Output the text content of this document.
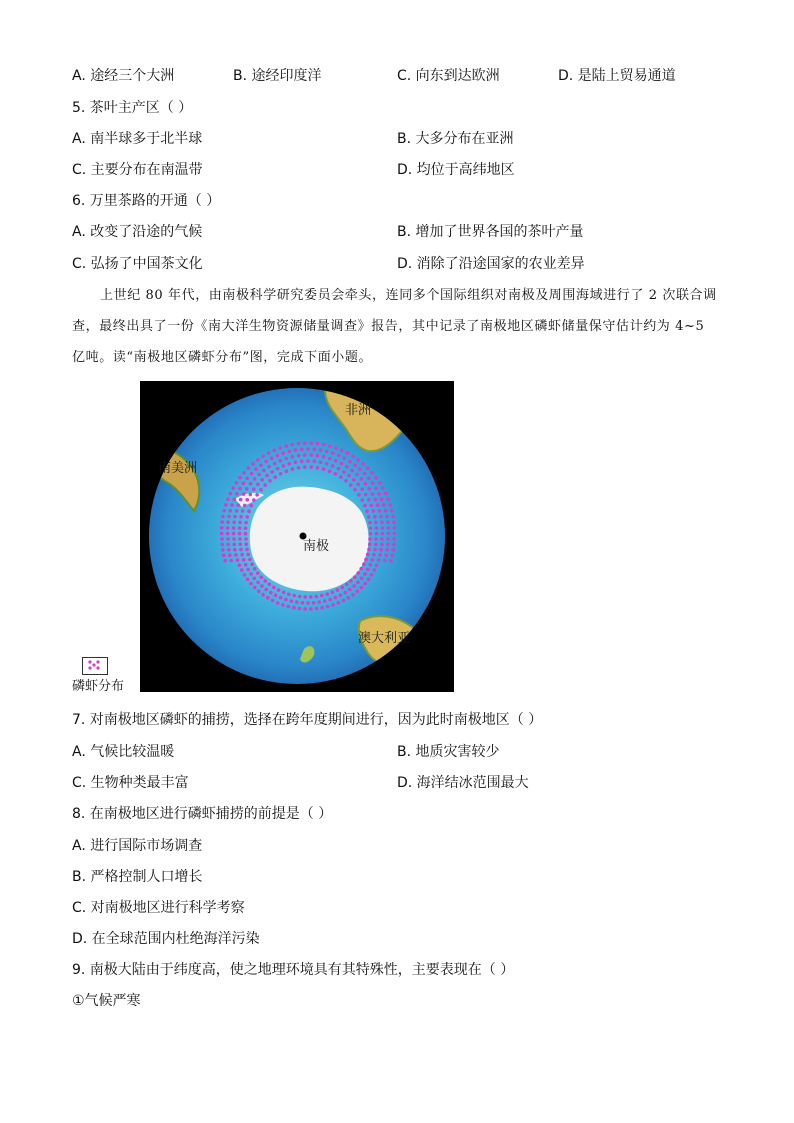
A. 途经三个大洲	B. 途经印度洋	C. 向东到达欧洲	D. 是陆上贸易通道
5. 茶叶主产区（ ）
A. 南半球多于北半球	B. 大多分布在亚洲
C. 主要分布在南温带	D. 均位于高纬地区
6. 万里茶路的开通（ ）
A. 改变了沿途的气候	B. 增加了世界各国的茶叶产量
C. 弘扬了中国茶文化	D. 消除了沿途国家的农业差异
上世纪 80 年代，由南极科学研究委员会牵头，连同多个国际组织对南极及周围海域进行了 2 次联合调查，最终出具了一份《南大洋生物资源储量调查》报告，其中记录了南极地区磷虾储量保守估计约为 4~5 亿吨。读“南极地区磷虾分布”图，完成下面小题。
非洲
南美洲
南极
澳大利亚
磷虾分布
7. 对南极地区磷虾的捕捞，选择在跨年度期间进行，因为此时南极地区（ ）
A. 气候比较温暖	B. 地质灾害较少
C. 生物种类最丰富	D. 海洋结冰范围最大
8. 在南极地区进行磷虾捕捞的前提是（ ）
A. 进行国际市场调查
B. 严格控制人口增长
C. 对南极地区进行科学考察
D. 在全球范围内杜绝海洋污染
9. 南极大陆由于纬度高，使之地理环境具有其特殊性，主要表现在（ ）
①气候严寒
